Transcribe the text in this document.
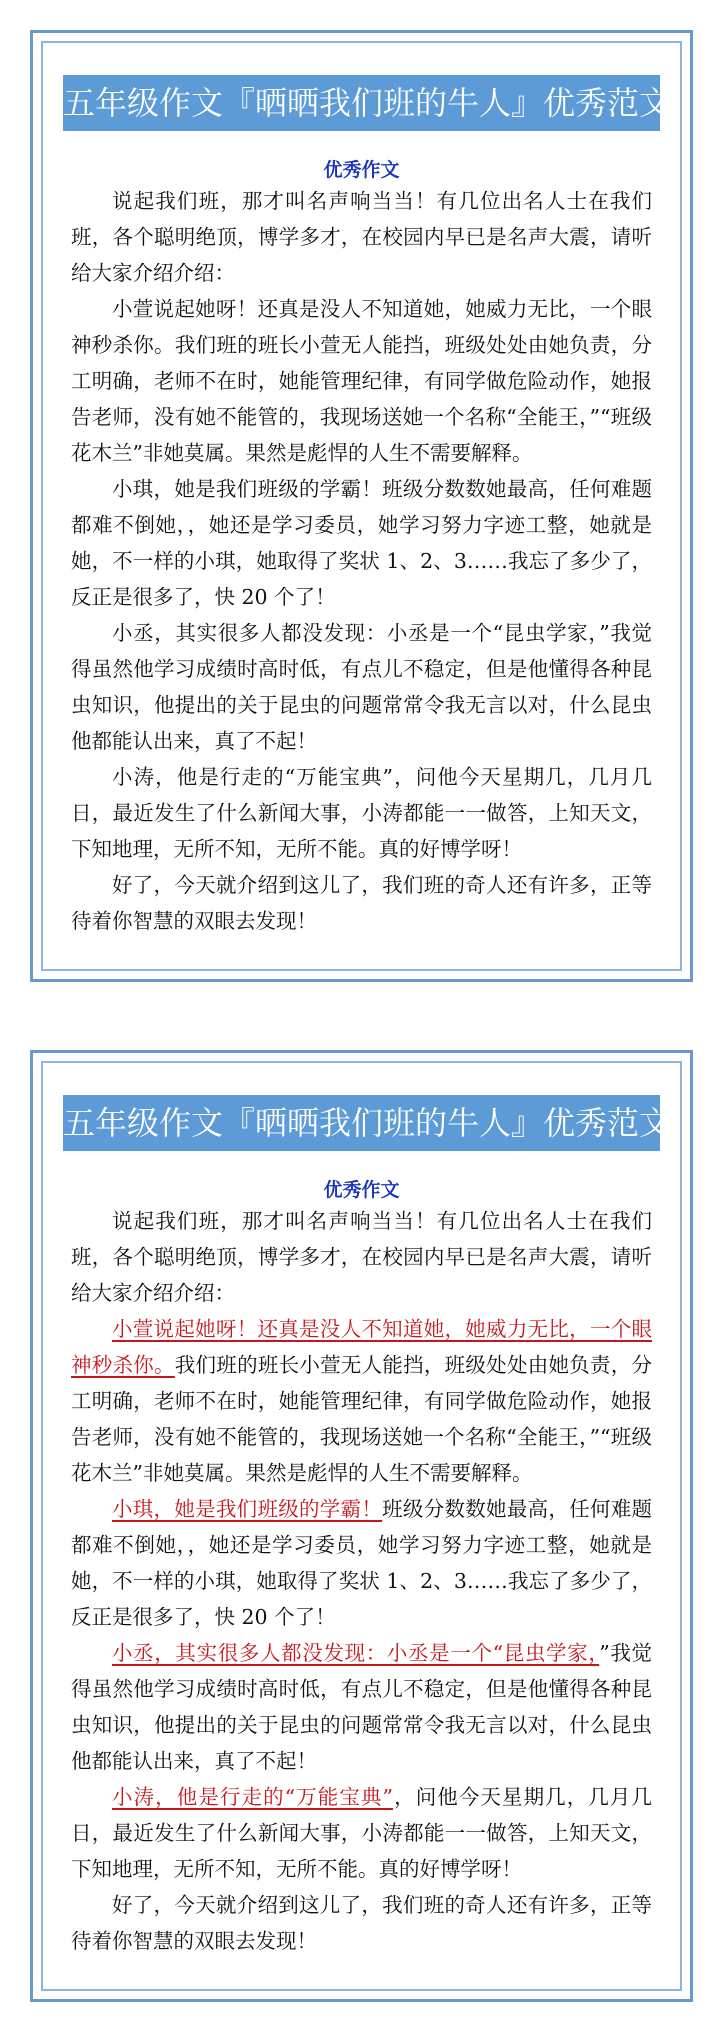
五年级作文『晒晒我们班的牛人』优秀范文
优秀作文

说起我们班，那才叫名声响当当！有几位出名人士在我们班，各个聪明绝顶，博学多才，在校园内早已是名声大震，请听给大家介绍介绍：

小萱说起她呀！还真是没人不知道她，她威力无比，一个眼神秒杀你。我们班的班长小萱无人能挡，班级处处由她负责，分工明确，老师不在时，她能管理纪律，有同学做危险动作，她报告老师，没有她不能管的，我现场送她一个名称“全能王，”“班级花木兰”非她莫属。果然是彪悍的人生不需要解释。

小琪，她是我们班级的学霸！班级分数数她最高，任何难题都难不倒她，，她还是学习委员，她学习努力字迹工整，她就是她，不一样的小琪，她取得了奖状 1、2、3……我忘了多少了，反正是很多了，快 20 个了！

小丞，其实很多人都没发现：小丞是一个“昆虫学家，”我觉得虽然他学习成绩时高时低，有点儿不稳定，但是他懂得各种昆虫知识，他提出的关于昆虫的问题常常令我无言以对，什么昆虫他都能认出来，真了不起！

小涛，他是行走的“万能宝典”，问他今天星期几，几月几日，最近发生了什么新闻大事，小涛都能一一做答，上知天文，下知地理，无所不知，无所不能。真的好博学呀！

好了，今天就介绍到这儿了，我们班的奇人还有许多，正等待着你智慧的双眼去发现！

五年级作文『晒晒我们班的牛人』优秀范文
优秀作文

说起我们班，那才叫名声响当当！有几位出名人士在我们班，各个聪明绝顶，博学多才，在校园内早已是名声大震，请听给大家介绍介绍：

小萱说起她呀！还真是没人不知道她，她威力无比，一个眼神秒杀你。我们班的班长小萱无人能挡，班级处处由她负责，分工明确，老师不在时，她能管理纪律，有同学做危险动作，她报告老师，没有她不能管的，我现场送她一个名称“全能王，”“班级花木兰”非她莫属。果然是彪悍的人生不需要解释。

小琪，她是我们班级的学霸！班级分数数她最高，任何难题都难不倒她，，她还是学习委员，她学习努力字迹工整，她就是她，不一样的小琪，她取得了奖状 1、2、3……我忘了多少了，反正是很多了，快 20 个了！

小丞，其实很多人都没发现：小丞是一个“昆虫学家，”我觉得虽然他学习成绩时高时低，有点儿不稳定，但是他懂得各种昆虫知识，他提出的关于昆虫的问题常常令我无言以对，什么昆虫他都能认出来，真了不起！

小涛，他是行走的“万能宝典”，问他今天星期几，几月几日，最近发生了什么新闻大事，小涛都能一一做答，上知天文，下知地理，无所不知，无所不能。真的好博学呀！

好了，今天就介绍到这儿了，我们班的奇人还有许多，正等待着你智慧的双眼去发现！
